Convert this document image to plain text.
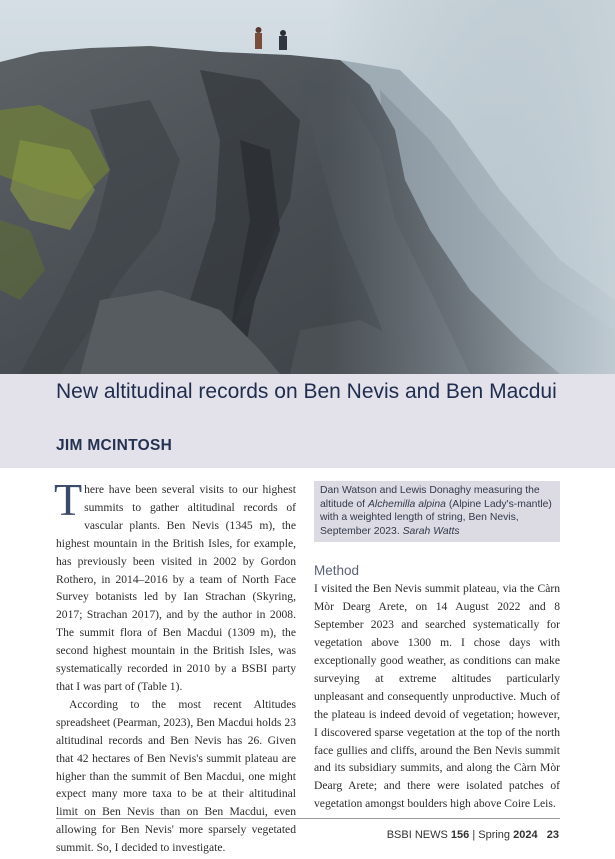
New altitudinal records on Ben Nevis and Ben Macdui
JIM MCINTOSH

There have been several visits to our highest summits to gather altitudinal records of vascular plants. Ben Nevis (1345 m), the highest mountain in the British Isles, for example, has previously been visited in 2002 by Gordon Rothero, in 2014–2016 by a team of North Face Survey botanists led by Ian Strachan (Skyring, 2017; Strachan 2017), and by the author in 2008. The summit flora of Ben Macdui (1309 m), the second highest mountain in the British Isles, was systematically recorded in 2010 by a BSBI party that I was part of (Table 1).

According to the most recent Altitudes spreadsheet (Pearman, 2023), Ben Macdui holds 23 altitudinal records and Ben Nevis has 26. Given that 42 hectares of Ben Nevis's summit plateau are higher than the summit of Ben Macdui, one might expect many more taxa to be at their altitudinal limit on Ben Nevis than on Ben Macdui, even allowing for Ben Nevis' more sparsely vegetated summit. So, I decided to investigate.

Dan Watson and Lewis Donaghy measuring the altitude of Alchemilla alpina (Alpine Lady's-mantle) with a weighted length of string, Ben Nevis, September 2023. Sarah Watts
Method

I visited the Ben Nevis summit plateau, via the Càrn Mòr Dearg Arete, on 14 August 2022 and 8 September 2023 and searched systematically for vegetation above 1300 m. I chose days with exceptionally good weather, as conditions can make surveying at extreme altitudes particularly unpleasant and consequently unproductive. Much of the plateau is indeed devoid of vegetation; however, I discovered sparse vegetation at the top of the north face gullies and cliffs, around the Ben Nevis summit and its subsidiary summits, and along the Càrn Mòr Dearg Arete; and there were isolated patches of vegetation amongst boulders high above Coire Leis.

BSBI NEWS 156 | Spring 2024 23
